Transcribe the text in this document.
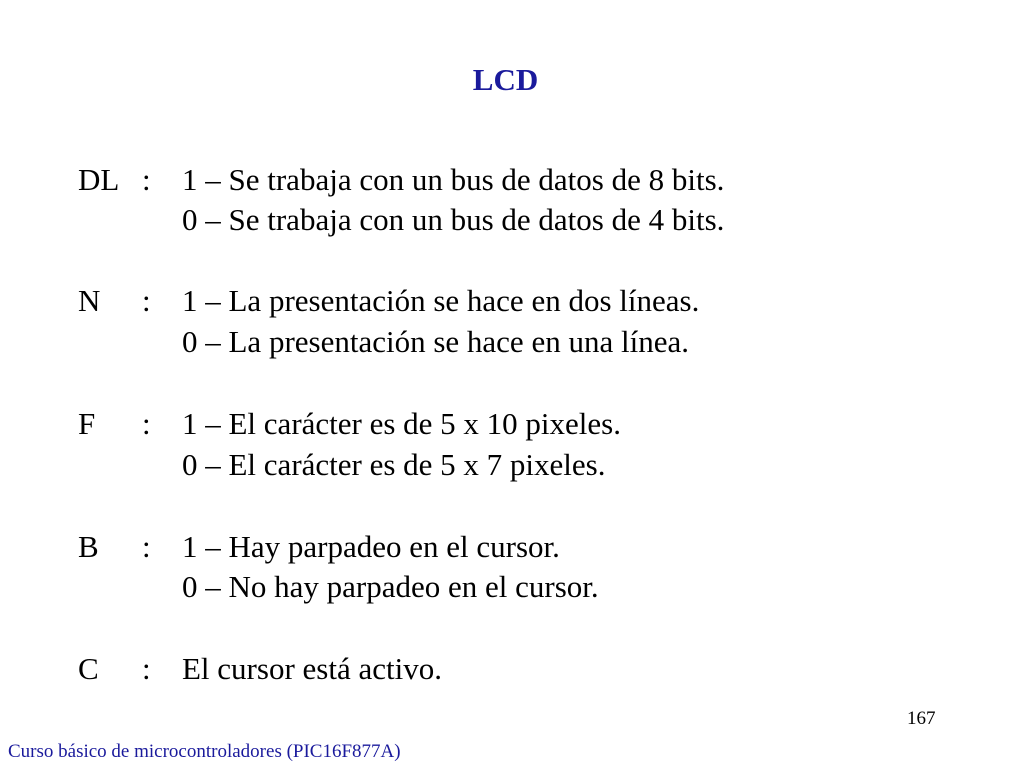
LCD
DL : 1 – Se trabaja con un bus de datos de 8 bits.
0 – Se trabaja con un bus de datos de 4 bits.
N : 1 – La presentación se hace en dos líneas.
0 – La presentación se hace en una línea.
F : 1 – El carácter es de 5 x 10 pixeles.
0 – El carácter es de 5 x 7 pixeles.
B : 1 – Hay parpadeo en el cursor.
0 – No hay parpadeo en el cursor.
C : El cursor está activo.
167
Curso básico de microcontroladores (PIC16F877A)
